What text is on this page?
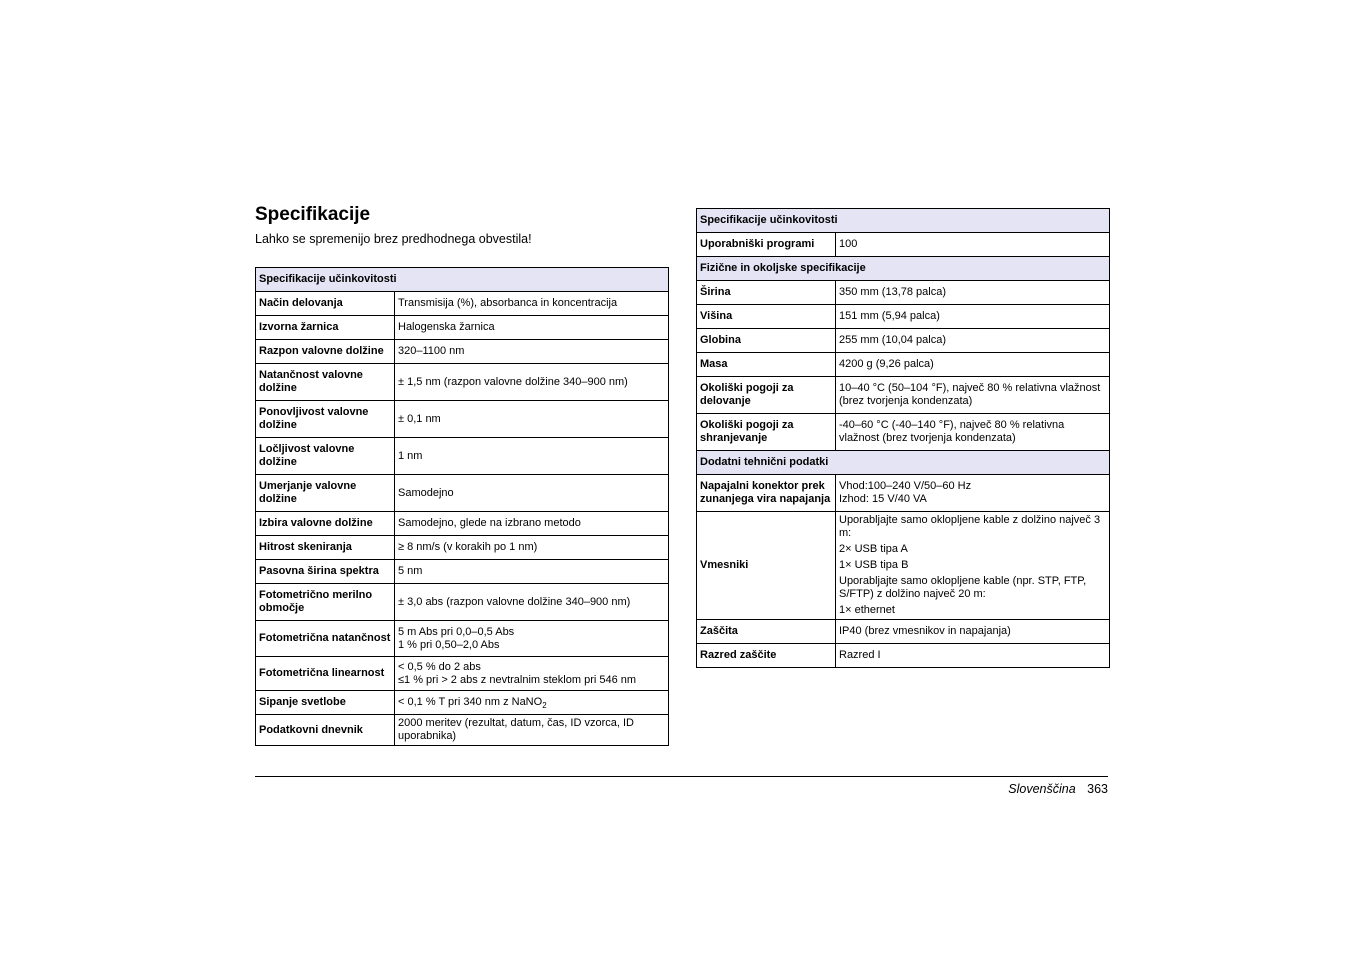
Specifikacije
Lahko se spremenijo brez predhodnega obvestila!
Specifikacije učinkovitosti	
Način delovanja	Transmisija (%), absorbanca in koncentracija

Izvorna žarnica	Halogenska žarnica

Razpon valovne dolžine	320–1100 nm

Natančnost valovne dolžine	± 1,5 nm (razpon valovne dolžine 340–900 nm)

Ponovljivost valovne dolžine	± 0,1 nm

Ločljivost valovne dolžine	1 nm

Umerjanje valovne dolžine	Samodejno

Izbira valovne dolžine	Samodejno, glede na izbrano metodo

Hitrost skeniranja	≥ 8 nm/s (v korakih po 1 nm)

Pasovna širina spektra	5 nm

Fotometrično merilno območje	± 3,0 abs (razpon valovne dolžine 340–900 nm)

Fotometrična natančnost	5 m Abs pri 0,0–0,5 Abs
1 % pri 0,50–2,0 Abs

Fotometrična linearnost	< 0,5 % do 2 abs
≤1 % pri > 2 abs z nevtralnim steklom pri 546 nm

Sipanje svetlobe	< 0,1 % T pri 340 nm z NaNO$_2$

Podatkovni dnevnik	2000 meritev (rezultat, datum, čas, ID vzorca, ID uporabnika)
Specifikacije učinkovitosti	
Uporabniški programi	100
Fizične in okoljske specifikacije	
Širina	350 mm (13,78 palca)
Višina	151 mm (5,94 palca)
Globina	255 mm (10,04 palca)
Masa	4200 g (9,26 palca)
Okoliški pogoji za delovanje	10–40 °C (50–104 °F), največ 80 % relativna vlažnost (brez tvorjenja kondenzata)
Okoliški pogoji za shranjevanje	-40–60 °C (-40–140 °F), največ 80 % relativna vlažnost (brez tvorjenja kondenzata)
Dodatni tehnični podatki	
Napajalni konektor prek zunanjega vira napajanja	Vhod:100–240 V/50–60 Hz
Izhod: 15 V/40 VA

Vmesniki	Uporabljajte samo oklopljene kable z dolžino največ 3 m:

2× USB tipa A

1× USB tipa B

Uporabljajte samo oklopljene kable (npr. STP, FTP, S/FTP) z dolžino največ 20 m:

1× ethernet

Zaščita	IP40 (brez vmesnikov in napajanja)
Razred zaščite	Razred I
Slovenščina 363
